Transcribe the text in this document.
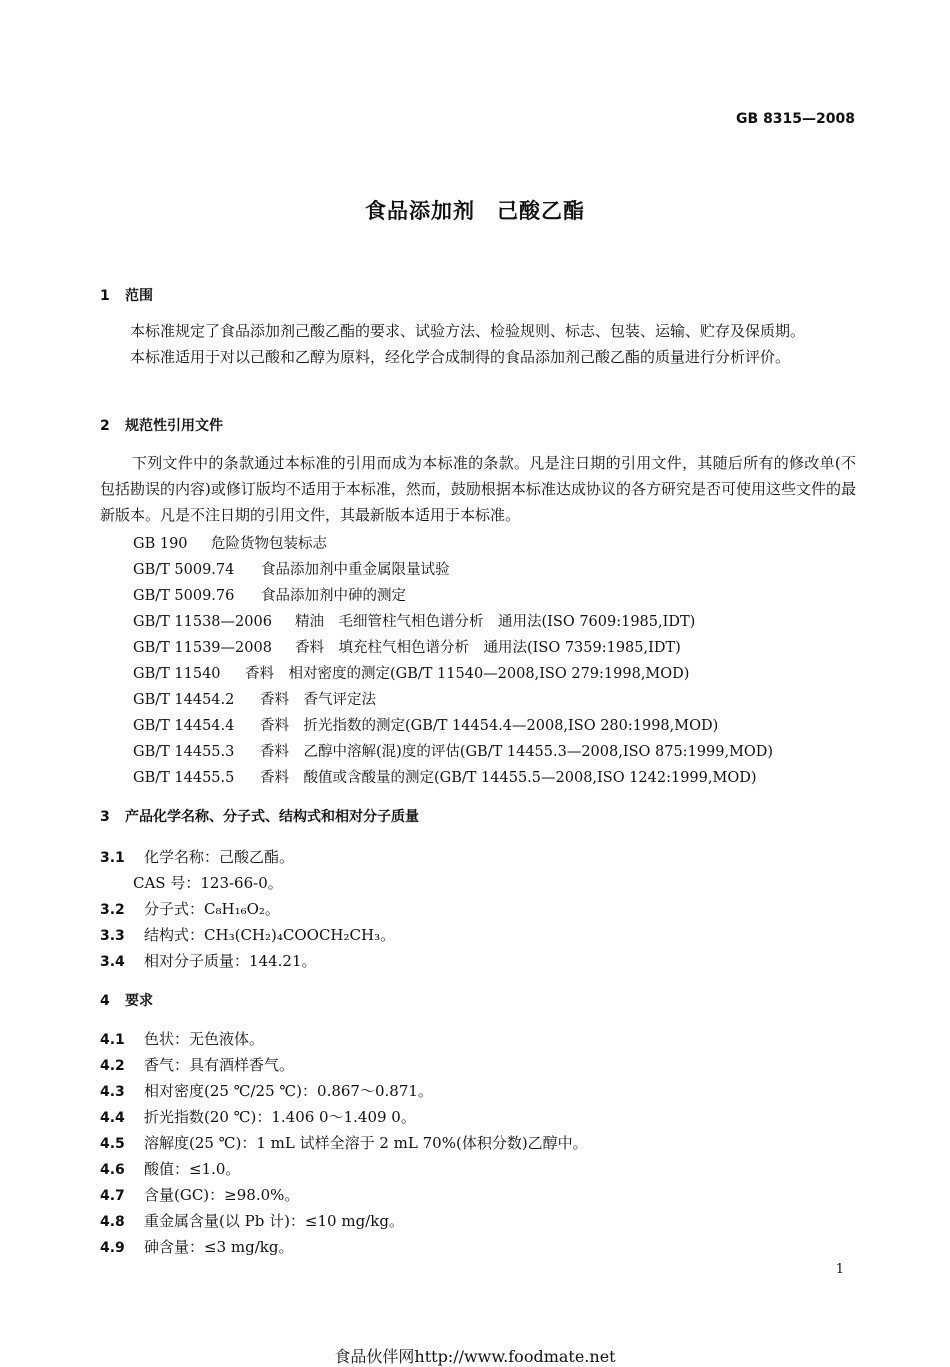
GB 8315—2008
食品添加剂　己酸乙酯
1 范围
本标准规定了食品添加剂己酸乙酯的要求、试验方法、检验规则、标志、包装、运输、贮存及保质期。
本标准适用于对以己酸和乙醇为原料，经化学合成制得的食品添加剂己酸乙酯的质量进行分析评价。
2 规范性引用文件
下列文件中的条款通过本标准的引用而成为本标准的条款。凡是注日期的引用文件，其随后所有的修改单(不包括勘误的内容)或修订版均不适用于本标准，然而，鼓励根据本标准达成协议的各方研究是否可使用这些文件的最新版本。凡是不注日期的引用文件，其最新版本适用于本标准。
GB 190 危险货物包装标志
GB/T 5009.74 食品添加剂中重金属限量试验
GB/T 5009.76 食品添加剂中砷的测定
GB/T 11538—2006 精油　毛细管柱气相色谱分析　通用法(ISO 7609:1985,IDT)
GB/T 11539—2008 香料　填充柱气相色谱分析　通用法(ISO 7359:1985,IDT)
GB/T 11540 香料　相对密度的测定(GB/T 11540—2008,ISO 279:1998,MOD)
GB/T 14454.2 香料　香气评定法
GB/T 14454.4 香料　折光指数的测定(GB/T 14454.4—2008,ISO 280:1998,MOD)
GB/T 14455.3 香料　乙醇中溶解(混)度的评估(GB/T 14455.3—2008,ISO 875:1999,MOD)
GB/T 14455.5 香料　酸值或含酸量的测定(GB/T 14455.5—2008,ISO 1242:1999,MOD)
3 产品化学名称、分子式、结构式和相对分子质量
3.1 化学名称：己酸乙酯。
CAS 号：123-66-0。
3.2 分子式：C₈H₁₆O₂。
3.3 结构式：CH₃(CH₂)₄COOCH₂CH₃。
3.4 相对分子质量：144.21。
4 要求
4.1 色状：无色液体。
4.2 香气：具有酒样香气。
4.3 相对密度(25 ℃/25 ℃)：0.867～0.871。
4.4 折光指数(20 ℃)：1.406 0～1.409 0。
4.5 溶解度(25 ℃)：1 mL 试样全溶于 2 mL 70%(体积分数)乙醇中。
4.6 酸值：≤1.0。
4.7 含量(GC)：≥98.0%。
4.8 重金属含量(以 Pb 计)：≤10 mg/kg。
4.9 砷含量：≤3 mg/kg。
1
食品伙伴网http://www.foodmate.net
